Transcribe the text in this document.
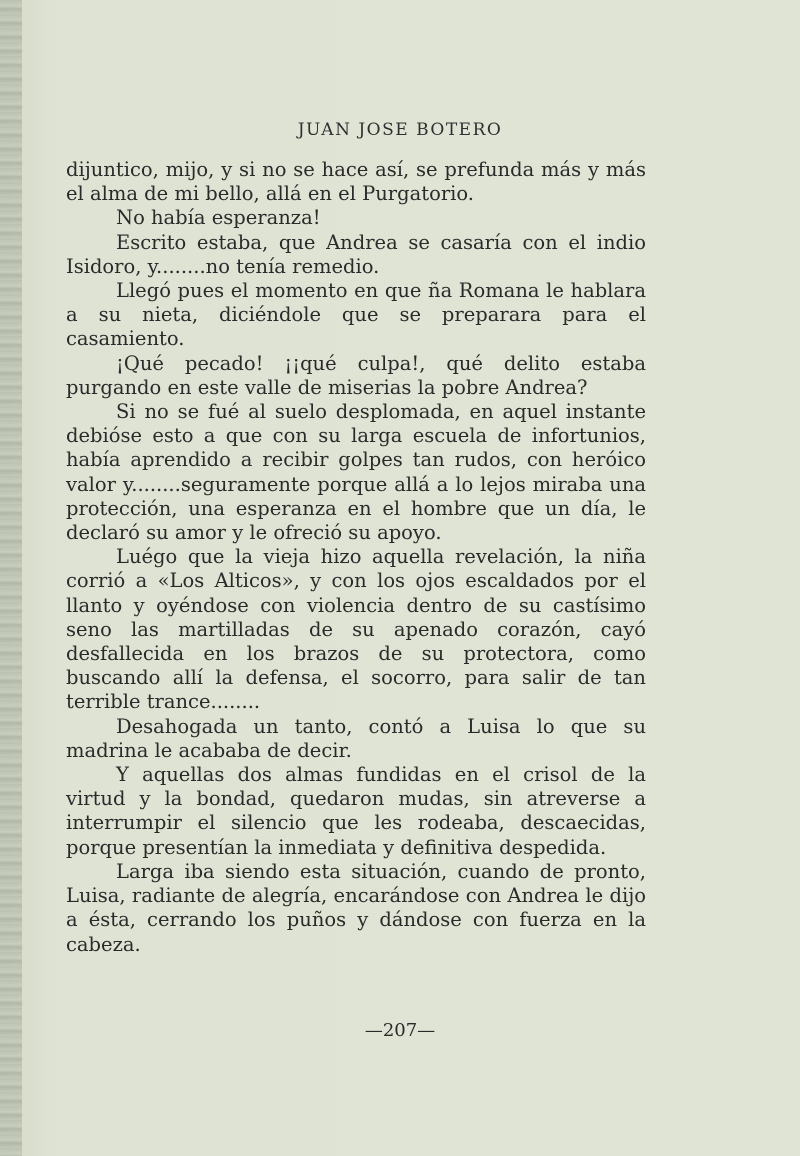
JUAN JOSE BOTERO

dijuntico, mijo, y si no se hace así, se prefunda más y más el alma de mi bello, allá en el Purgatorio.

No había esperanza!

Escrito estaba, que Andrea se casaría con el indio Isidoro, y........no tenía remedio.

Llegó pues el momento en que ña Romana le hablara a su nieta, diciéndole que se preparara para el casamiento.

¡Qué pecado! ¡¡qué culpa!, qué delito estaba purgando en este valle de miserias la pobre Andrea?

Si no se fué al suelo desplomada, en aquel instante debióse esto a que con su larga escuela de infortunios, había aprendido a recibir golpes tan rudos, con heróico valor y........seguramente porque allá a lo lejos miraba una protección, una esperanza en el hombre que un día, le declaró su amor y le ofreció su apoyo.

Luégo que la vieja hizo aquella revelación, la niña corrió a «Los Alticos», y con los ojos escaldados por el llanto y oyéndose con violencia dentro de su castísimo seno las martilladas de su apenado corazón, cayó desfallecida en los brazos de su protectora, como buscando allí la defensa, el socorro, para salir de tan terrible trance........

Desahogada un tanto, contó a Luisa lo que su madrina le acababa de decir.

Y aquellas dos almas fundidas en el crisol de la virtud y la bondad, quedaron mudas, sin atreverse a interrumpir el silencio que les rodeaba, descaecidas, porque presentían la inmediata y definitiva despedida.

Larga iba siendo esta situación, cuando de pronto, Luisa, radiante de alegría, encarándose con Andrea le dijo a ésta, cerrando los puños y dándose con fuerza en la cabeza.

—207—
